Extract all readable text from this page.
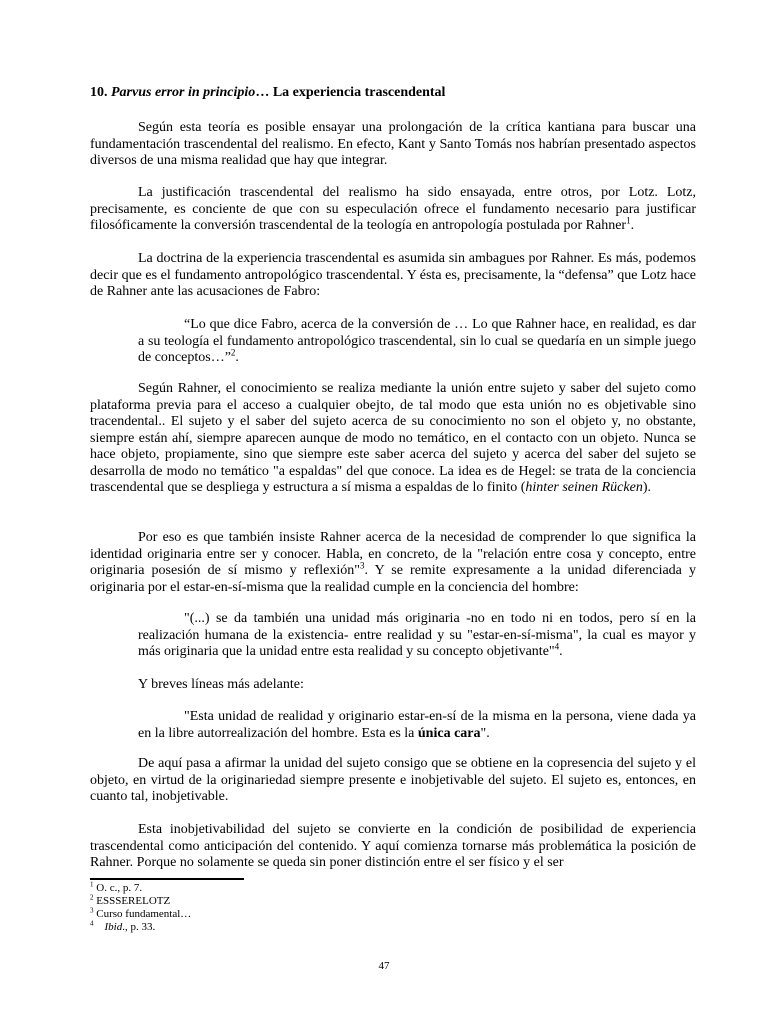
10. Parvus error in principio… La experiencia trascendental

Según esta teoría es posible ensayar una prolongación de la crítica kantiana para buscar una fundamentación trascendental del realismo. En efecto, Kant y Santo Tomás nos habrían presentado aspectos diversos de una misma realidad que hay que integrar.

La justificación trascendental del realismo ha sido ensayada, entre otros, por Lotz. Lotz, precisamente, es conciente de que con su especulación ofrece el fundamento necesario para justificar filosóficamente la conversión trascendental de la teología en antropología postulada por Rahner$^1$.

La doctrina de la experiencia trascendental es asumida sin ambagues por Rahner. Es más, podemos decir que es el fundamento antropológico trascendental. Y ésta es, precisamente, la “defensa” que Lotz hace de Rahner ante las acusaciones de Fabro:

“Lo que dice Fabro, acerca de la conversión de … Lo que Rahner hace, en realidad, es dar a su teología el fundamento antropológico trascendental, sin lo cual se quedaría en un simple juego de conceptos…”$^2$.

Según Rahner, el conocimiento se realiza mediante la unión entre sujeto y saber del sujeto como plataforma previa para el acceso a cualquier obejto, de tal modo que esta unión no es objetivable sino tracendental.. El sujeto y el saber del sujeto acerca de su conocimiento no son el objeto y, no obstante, siempre están ahí, siempre aparecen aunque de modo no temático, en el contacto con un objeto. Nunca se hace objeto, propiamente, sino que siempre este saber acerca del sujeto y acerca del saber del sujeto se desarrolla de modo no temático "a espaldas" del que conoce. La idea es de Hegel: se trata de la conciencia trascendental que se despliega y estructura a sí misma a espaldas de lo finito (hinter seinen Rücken).

Por eso es que también insiste Rahner acerca de la necesidad de comprender lo que significa la identidad originaria entre ser y conocer. Habla, en concreto, de la "relación entre cosa y concepto, entre originaria posesión de sí mismo y reflexión"$^3$. Y se remite expresamente a la unidad diferenciada y originaria por el estar-en-sí-misma que la realidad cumple en la conciencia del hombre:

"(...) se da también una unidad más originaria -no en todo ni en todos, pero sí en la realización humana de la existencia- entre realidad y su "estar-en-sí-misma", la cual es mayor y más originaria que la unidad entre esta realidad y su concepto objetivante"$^4$.

Y breves líneas más adelante:

"Esta unidad de realidad y originario estar-en-sí de la misma en la persona, viene dada ya en la libre autorrealización del hombre. Esta es la única cara".

De aquí pasa a afirmar la unidad del sujeto consigo que se obtiene en la copresencia del sujeto y el objeto, en virtud de la originariedad siempre presente e inobjetivable del sujeto. El sujeto es, entonces, en cuanto tal, inobjetivable.

Esta inobjetivabilidad del sujeto se convierte en la condición de posibilidad de experiencia trascendental como anticipación del contenido. Y aquí comienza tornarse más problemática la posición de Rahner. Porque no solamente se queda sin poner distinción entre el ser físico y el ser

$^1$ O. c., p. 7.
$^2$ ESSSERELOTZ
$^3$ Curso fundamental…
$^4$ Ibid., p. 33.
47
